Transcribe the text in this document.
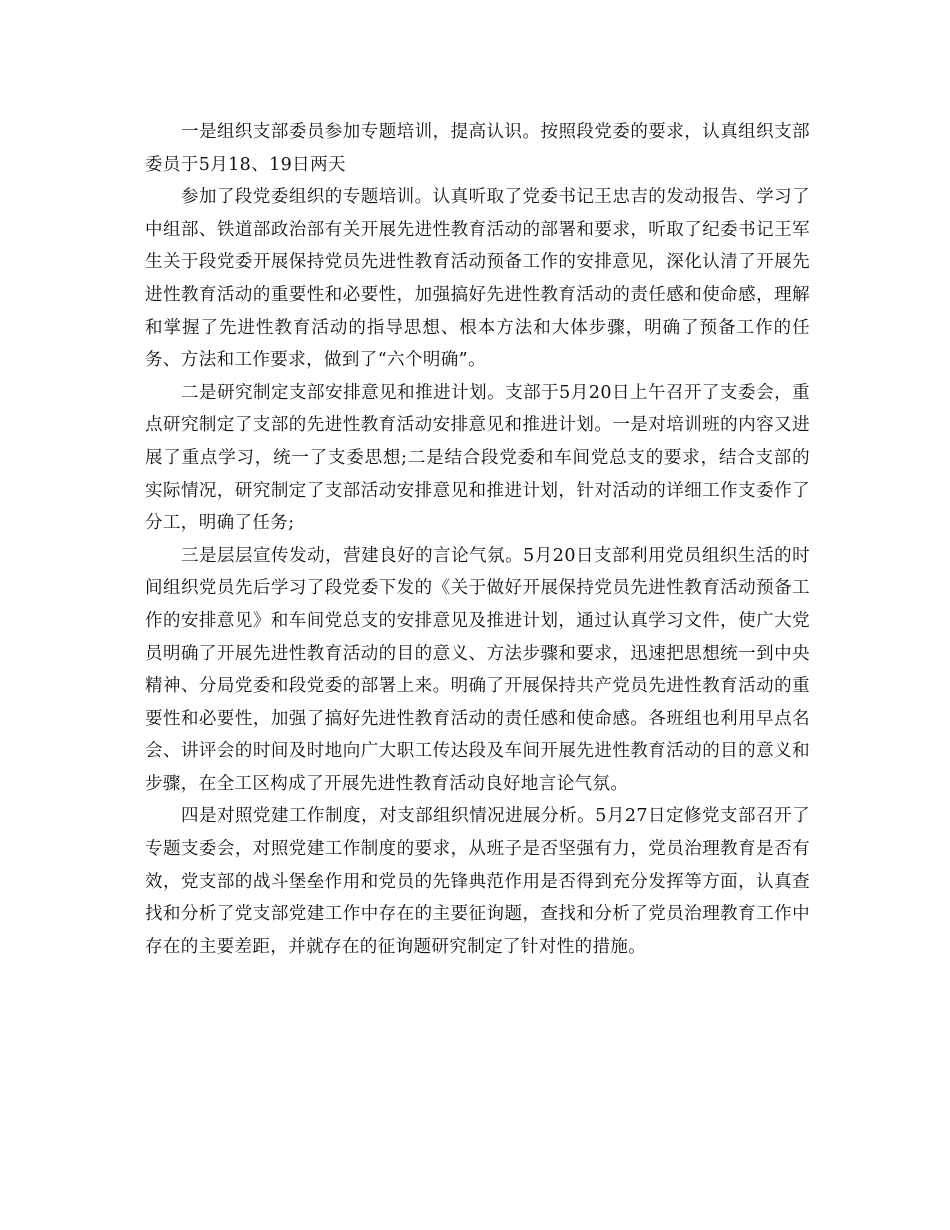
一是组织支部委员参加专题培训，提高认识。按照段党委的要求，认真组织支部委员于5月18、19日两天

参加了段党委组织的专题培训。认真听取了党委书记王忠吉的发动报告、学习了中组部、铁道部政治部有关开展先进性教育活动的部署和要求，听取了纪委书记王军生关于段党委开展保持党员先进性教育活动预备工作的安排意见，深化认清了开展先进性教育活动的重要性和必要性，加强搞好先进性教育活动的责任感和使命感，理解和掌握了先进性教育活动的指导思想、根本方法和大体步骤，明确了预备工作的任务、方法和工作要求，做到了“六个明确”。

二是研究制定支部安排意见和推进计划。支部于5月20日上午召开了支委会，重点研究制定了支部的先进性教育活动安排意见和推进计划。一是对培训班的内容又进展了重点学习，统一了支委思想;二是结合段党委和车间党总支的要求，结合支部的实际情况，研究制定了支部活动安排意见和推进计划，针对活动的详细工作支委作了分工，明确了任务;

三是层层宣传发动，营建良好的言论气氛。5月20日支部利用党员组织生活的时间组织党员先后学习了段党委下发的《关于做好开展保持党员先进性教育活动预备工作的安排意见》和车间党总支的安排意见及推进计划，通过认真学习文件，使广大党员明确了开展先进性教育活动的目的意义、方法步骤和要求，迅速把思想统一到中央精神、分局党委和段党委的部署上来。明确了开展保持共产党员先进性教育活动的重要性和必要性，加强了搞好先进性教育活动的责任感和使命感。各班组也利用早点名会、讲评会的时间及时地向广大职工传达段及车间开展先进性教育活动的目的意义和步骤，在全工区构成了开展先进性教育活动良好地言论气氛。

四是对照党建工作制度，对支部组织情况进展分析。5月27日定修党支部召开了专题支委会，对照党建工作制度的要求，从班子是否坚强有力，党员治理教育是否有效，党支部的战斗堡垒作用和党员的先锋典范作用是否得到充分发挥等方面，认真查找和分析了党支部党建工作中存在的主要征询题，查找和分析了党员治理教育工作中存在的主要差距，并就存在的征询题研究制定了针对性的措施。
